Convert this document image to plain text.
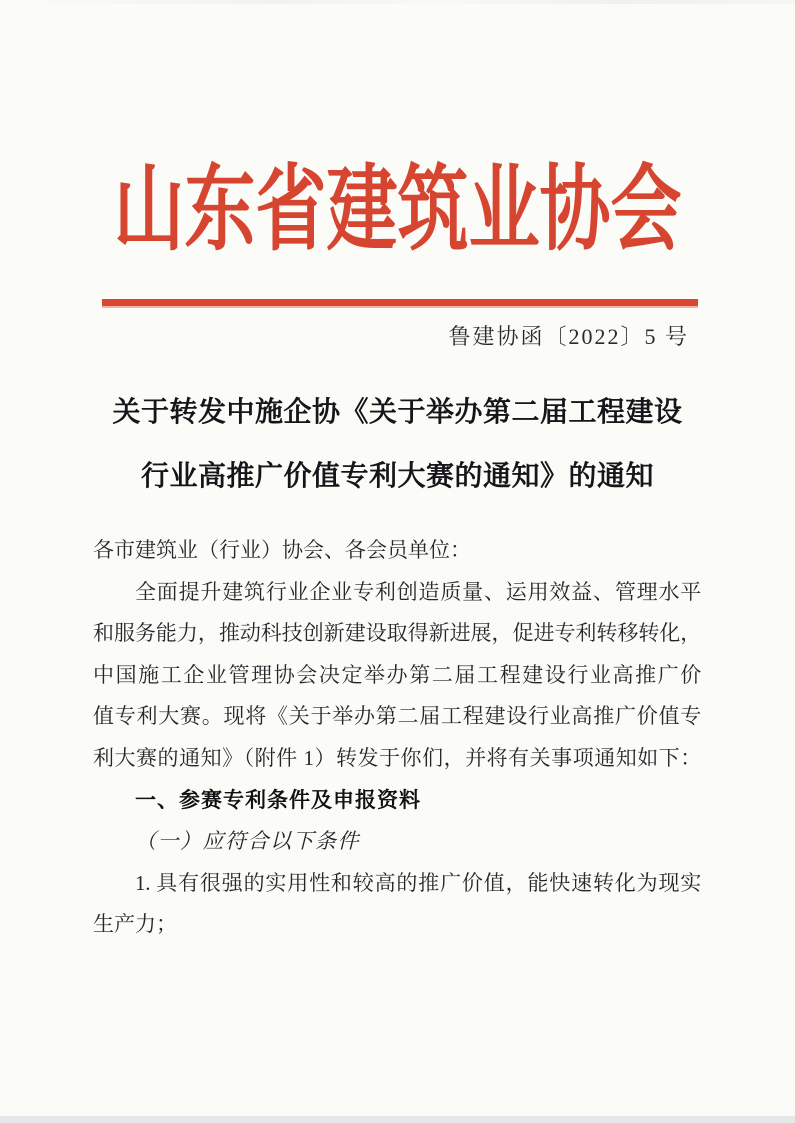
山东省建筑业协会
鲁建协函〔2022〕5 号
关于转发中施企协《关于举办第二届工程建设
行业高推广价值专利大赛的通知》的通知
各市建筑业（行业）协会、各会员单位：
全面提升建筑行业企业专利创造质量、运用效益、管理水平
和服务能力，推动科技创新建设取得新进展，促进专利转移转化，
中国施工企业管理协会决定举办第二届工程建设行业高推广价
值专利大赛。现将《关于举办第二届工程建设行业高推广价值专
利大赛的通知》（附件 1）转发于你们，并将有关事项通知如下：
一、参赛专利条件及申报资料
（一）应符合以下条件
1. 具有很强的实用性和较高的推广价值，能快速转化为现实
生产力；
